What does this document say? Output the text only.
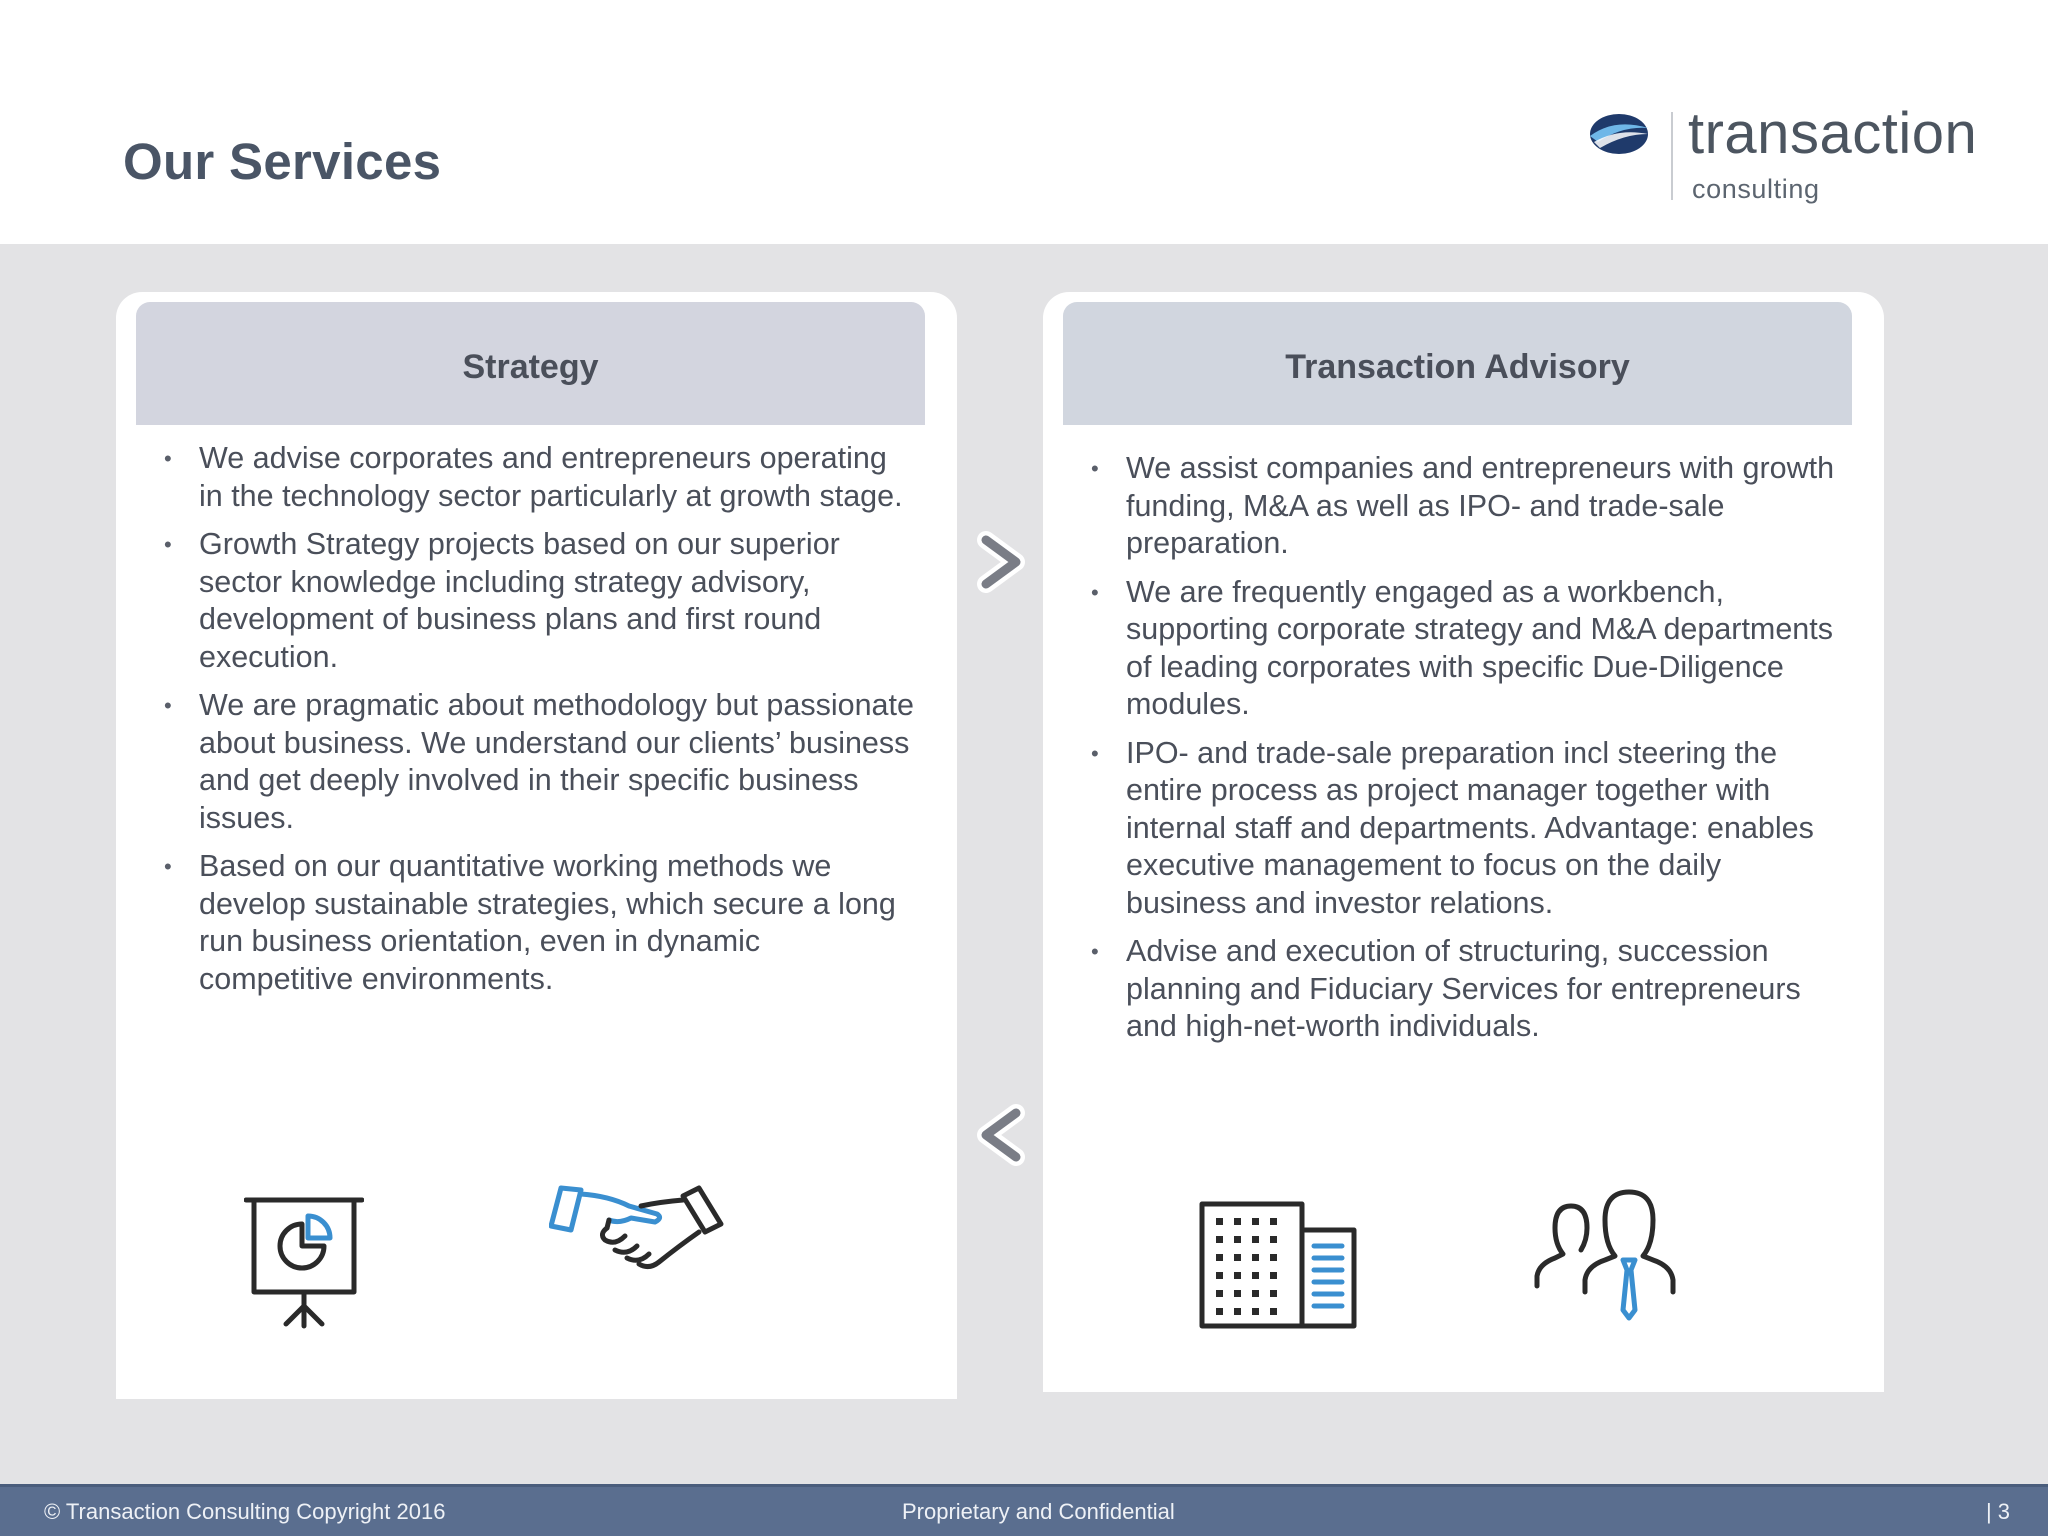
Our Services	transaction
consulting
Strategy
• We advise corporates and entrepreneurs operating in the technology sector particularly at growth stage.
• Growth Strategy projects based on our superior sector knowledge including strategy advisory, development of business plans and first round execution.
• We are pragmatic about methodology but passionate about business. We understand our clients’ business and get deeply involved in their specific business issues.
• Based on our quantitative working methods we develop sustainable strategies, which secure a long run business orientation, even in dynamic competitive environments.
Transaction Advisory
• We assist companies and entrepreneurs with growth funding, M&A as well as IPO- and trade-sale preparation.
• We are frequently engaged as a workbench, supporting corporate strategy and M&A departments of leading corporates with specific Due-Diligence modules.
• IPO- and trade-sale preparation incl steering the entire process as project manager together with internal staff and departments. Advantage: enables executive management to focus on the daily business and investor relations.
• Advise and execution of structuring, succession planning and Fiduciary Services for entrepreneurs and high-net-worth individuals.
© Transaction Consulting Copyright 2016	Proprietary and Confidential	| 3
